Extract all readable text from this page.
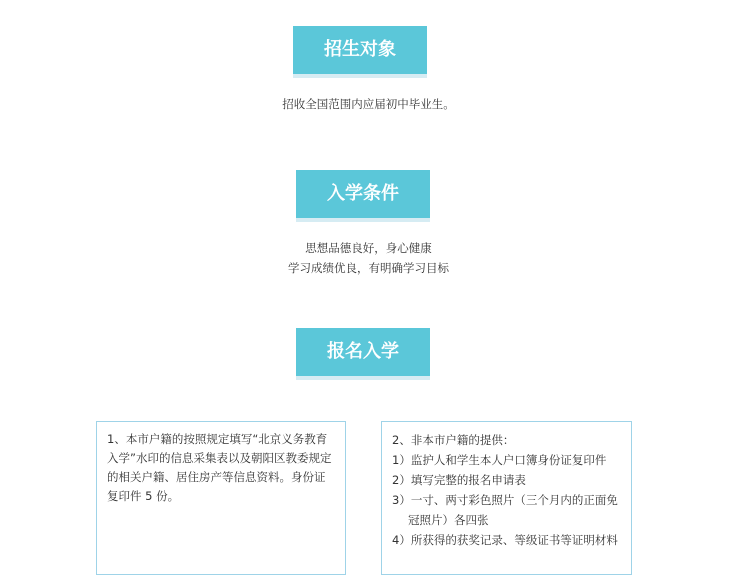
招生对象
招收全国范围内应届初中毕业生。
入学条件
思想品德良好，身心健康
学习成绩优良，有明确学习目标
报名入学

1、本市户籍的按照规定填写“北京义务教育入学”水印的信息采集表以及朝阳区教委规定的相关户籍、居住房产等信息资料。身份证复印件 5 份。

2、非本市户籍的提供：

1）监护人和学生本人户口簿身份证复印件
2）填写完整的报名申请表
3）一寸、两寸彩色照片（三个月内的正面免
冠照片）各四张
4）所获得的获奖记录、等级证书等证明材料
